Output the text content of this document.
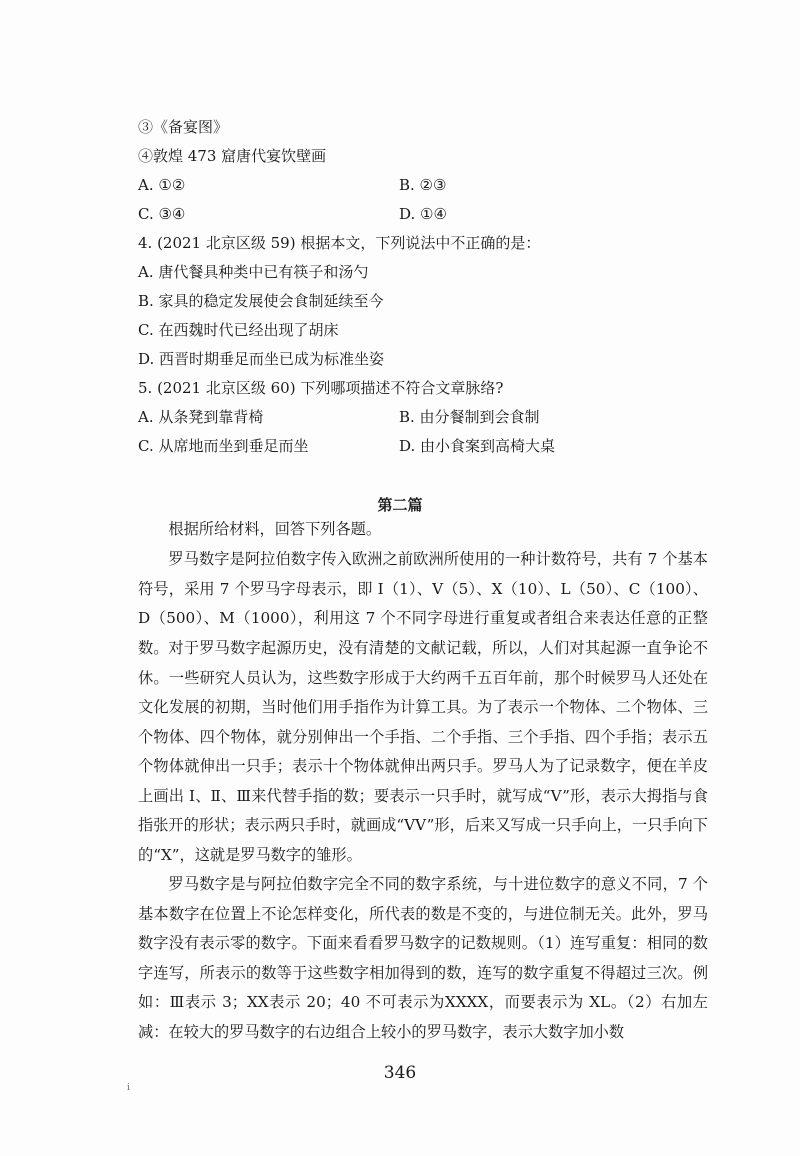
③《备宴图》
④敦煌 473 窟唐代宴饮壁画
A. ①②	B. ②③
C. ③④	D. ①④
4. (2021 北京区级 59) 根据本文，下列说法中不正确的是：
A. 唐代餐具种类中已有筷子和汤勺
B. 家具的稳定发展使会食制延续至今
C. 在西魏时代已经出现了胡床
D. 西晋时期垂足而坐已成为标准坐姿
5. (2021 北京区级 60) 下列哪项描述不符合文章脉络?
A. 从条凳到靠背椅	B. 由分餐制到会食制
C. 从席地而坐到垂足而坐	D. 由小食案到高椅大桌
第二篇

根据所给材料，回答下列各题。

罗马数字是阿拉伯数字传入欧洲之前欧洲所使用的一种计数符号，共有 7 个基本符号，采用 7 个罗马字母表示，即 I（1）、V（5）、X（10）、L（50）、C（100）、D（500）、M（1000），利用这 7 个不同字母进行重复或者组合来表达任意的正整数。 对于罗马数字起源历史，没有清楚的文献记载，所以，人们对其起源一直争论不休。一些研究人员认为，这些数字形成于大约两千五百年前，那个时候罗马人还处在文化发展的初期，当时他们用手指作为计算工具。为了表示一个物体、二个物体、三个物体、四个物体，就分别伸出一个手指、二个手指、三个手指、四个手指；表示五个物体就伸出一只手；表示十个物体就伸出两只手。罗马人为了记录数字，便在羊皮上画出 Ⅰ、Ⅱ、Ⅲ来代替手指的数；要表示一只手时，就写成“V”形，表示大拇指与食指张开的形状；表示两只手时，就画成“VV”形，后来又写成一只手向上，一只手向下的“X”，这就是罗马数字的雏形。

罗马数字是与阿拉伯数字完全不同的数字系统，与十进位数字的意义不同，7 个基本数字在位置上不论怎样变化，所代表的数是不变的，与进位制无关。此外，罗马数字没有表示零的数字。下面来看看罗马数字的记数规则。（1）连写重复：相同的数字连写，所表示的数等于这些数字相加得到的数，连写的数字重复不得超过三次。例如：Ⅲ表示 3；XX表示 20；40 不可表示为XXXX，而要表示为 XL。（2）右加左减：在较大的罗马数字的右边组合上较小的罗马数字，表示大数字加小数

346
i
